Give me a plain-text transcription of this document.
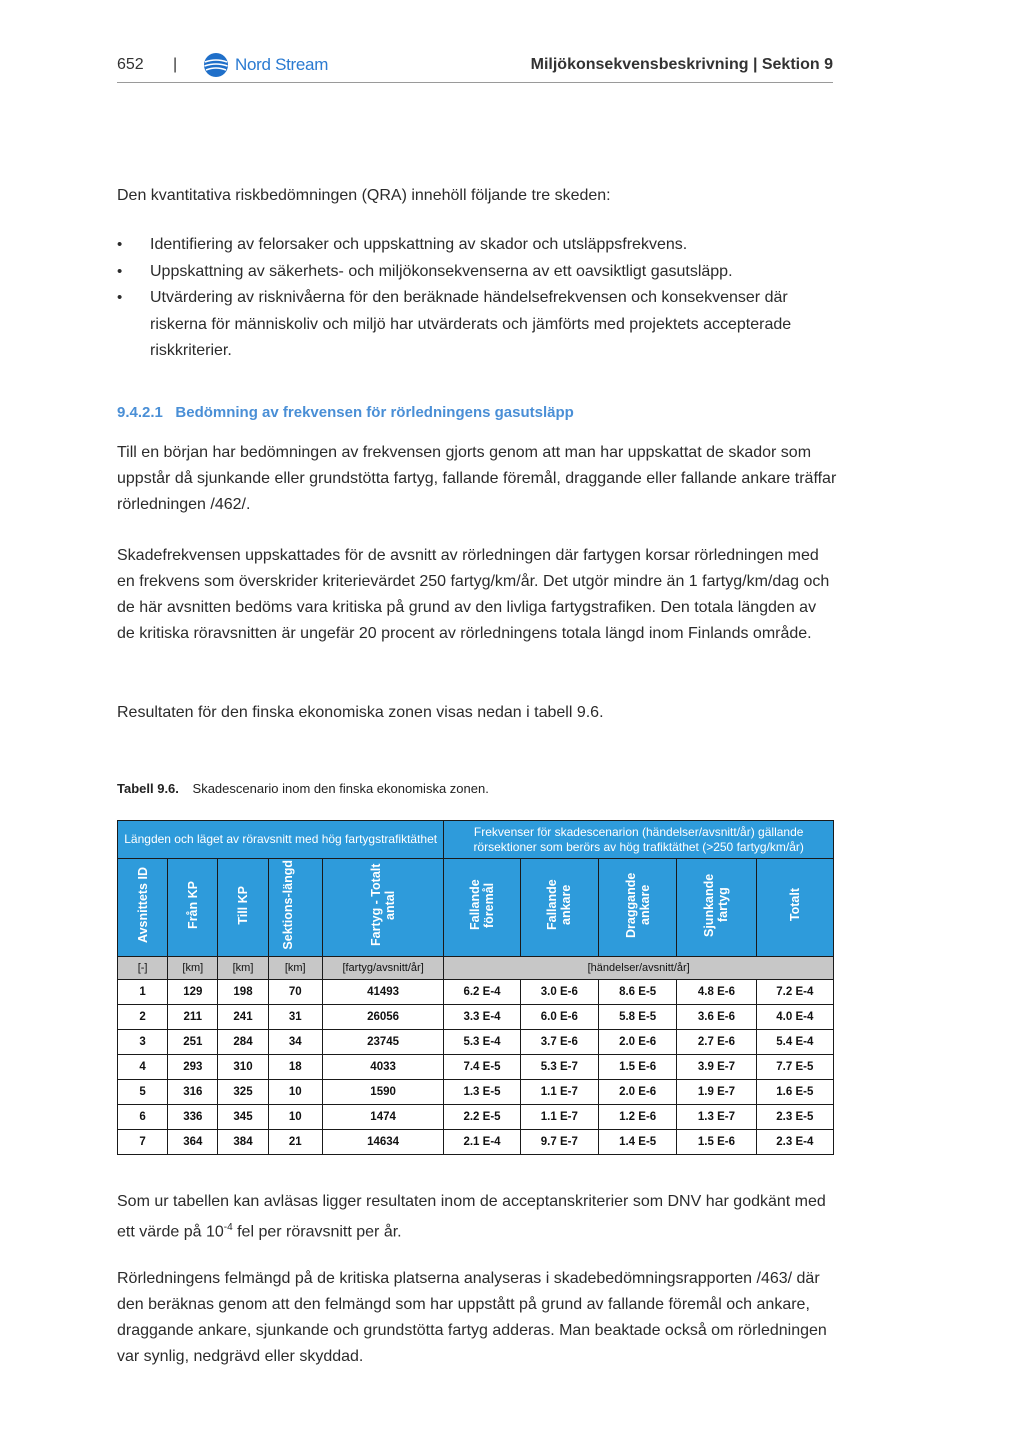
652 |	Nord Stream	Miljökonsekvensbeskrivning | Sektion 9

Den kvantitativa riskbedömningen (QRA) innehöll följande tre skeden:

• Identifiering av felorsaker och uppskattning av skador och utsläppsfrekvens.
• Uppskattning av säkerhets- och miljökonsekvenserna av ett oavsiktligt gasutsläpp.
• Utvärdering av risknivåerna för den beräknade händelsefrekvensen och konsekvenser där riskerna för människoliv och miljö har utvärderats och jämförts med projektets accepterade riskkriterier.
9.4.2.1 Bedömning av frekvensen för rörledningens gasutsläpp

Till en början har bedömningen av frekvensen gjorts genom att man har uppskattat de skador som uppstår då sjunkande eller grundstötta fartyg, fallande föremål, draggande eller fallande ankare träffar rörledningen /462/.

Skadefrekvensen uppskattades för de avsnitt av rörledningen där fartygen korsar rörledningen med en frekvens som överskrider kriterievärdet 250 fartyg/km/år. Det utgör mindre än 1 fartyg/km/dag och de här avsnitten bedöms vara kritiska på grund av den livliga fartygstrafiken. Den totala längden av de kritiska röravsnitten är ungefär 20 procent av rörledningens totala längd inom Finlands område.

Resultaten för den finska ekonomiska zonen visas nedan i tabell 9.6.

Tabell 9.6. Skadescenario inom den finska ekonomiska zonen.
Längden och läget av röravsnitt med hög fartygstrafiktäthet					Frekvenser för skadescenarion (händelser/avsnitt/år) gällande rörsektioner som berörs av hög trafiktäthet (>250 fartyg/km/år)				
Avsnittets ID	Från KP	Till KP	Sektions-längd	Fartyg - Totalt antal	Fallande föremål	Fallande ankare	Draggande ankare	Sjunkande fartyg	Totalt
[-]	[km]	[km]	[km]	[fartyg/avsnitt/år]	[händelser/avsnitt/år]				
1	129	198	70	41493	6.2 E-4	3.0 E-6	8.6 E-5	4.8 E-6	7.2 E-4
2	211	241	31	26056	3.3 E-4	6.0 E-6	5.8 E-5	3.6 E-6	4.0 E-4
3	251	284	34	23745	5.3 E-4	3.7 E-6	2.0 E-6	2.7 E-6	5.4 E-4
4	293	310	18	4033	7.4 E-5	5.3 E-7	1.5 E-6	3.9 E-7	7.7 E-5
5	316	325	10	1590	1.3 E-5	1.1 E-7	2.0 E-6	1.9 E-7	1.6 E-5
6	336	345	10	1474	2.2 E-5	1.1 E-7	1.2 E-6	1.3 E-7	2.3 E-5
7	364	384	21	14634	2.1 E-4	9.7 E-7	1.4 E-5	1.5 E-6	2.3 E-4

Som ur tabellen kan avläsas ligger resultaten inom de acceptanskriterier som DNV har godkänt med ett värde på $10^{-4}$ fel per röravsnitt per år.

Rörledningens felmängd på de kritiska platserna analyseras i skadebedömningsrapporten /463/ där den beräknas genom att den felmängd som har uppstått på grund av fallande föremål och ankare, draggande ankare, sjunkande och grundstötta fartyg adderas. Man beaktade också om rörledningen var synlig, nedgrävd eller skyddad.
